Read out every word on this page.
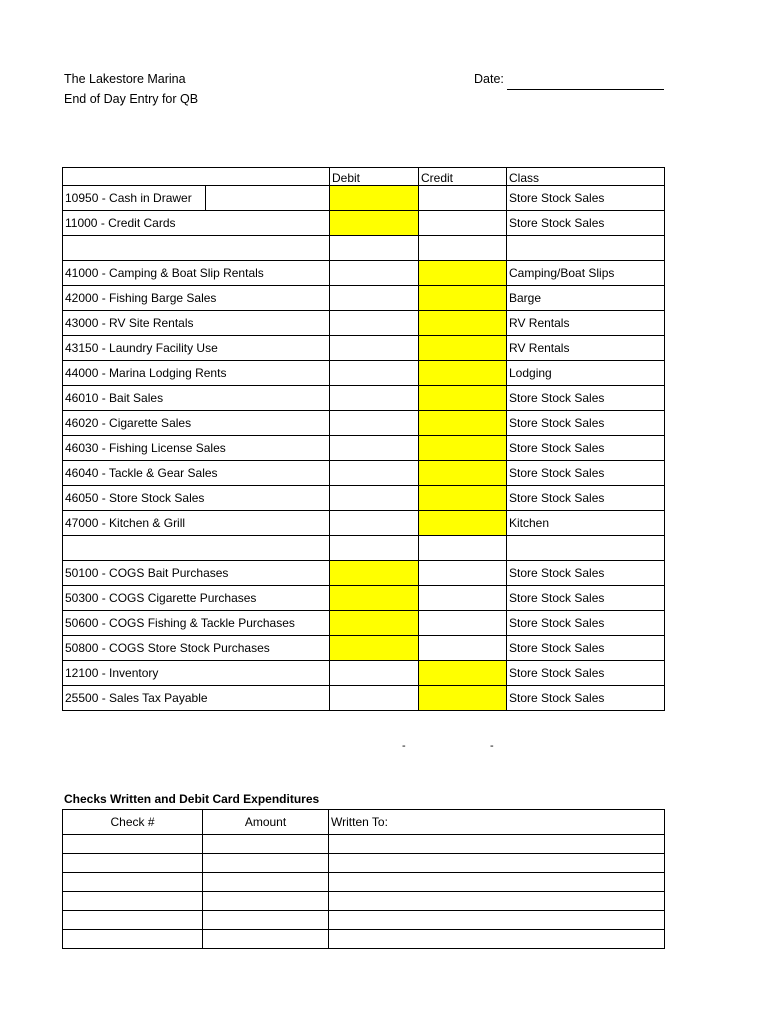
The Lakestore Marina
End of Day Entry for QB
Date:
	Debit	Credit	Class

10950 - Cash in Drawer			Store Stock Sales
11000 - Credit Cards			Store Stock Sales

41000 - Camping & Boat Slip Rentals			Camping/Boat Slips
42000 - Fishing Barge Sales			Barge
43000 - RV Site Rentals			RV Rentals
43150 - Laundry Facility Use			RV Rentals
44000 - Marina Lodging Rents			Lodging
46010 - Bait Sales			Store Stock Sales
46020 - Cigarette Sales			Store Stock Sales
46030 - Fishing License Sales			Store Stock Sales
46040 - Tackle & Gear Sales			Store Stock Sales
46050 - Store Stock Sales			Store Stock Sales
47000 - Kitchen & Grill			Kitchen

50100 - COGS Bait Purchases			Store Stock Sales
50300 - COGS Cigarette Purchases			Store Stock Sales
50600 - COGS Fishing & Tackle Purchases			Store Stock Sales
50800 - COGS Store Stock Purchases			Store Stock Sales
12100 - Inventory			Store Stock Sales
25500 - Sales Tax Payable			Store Stock Sales
-	-
Checks Written and Debit Card Expenditures
Check #	Amount	Written To:
